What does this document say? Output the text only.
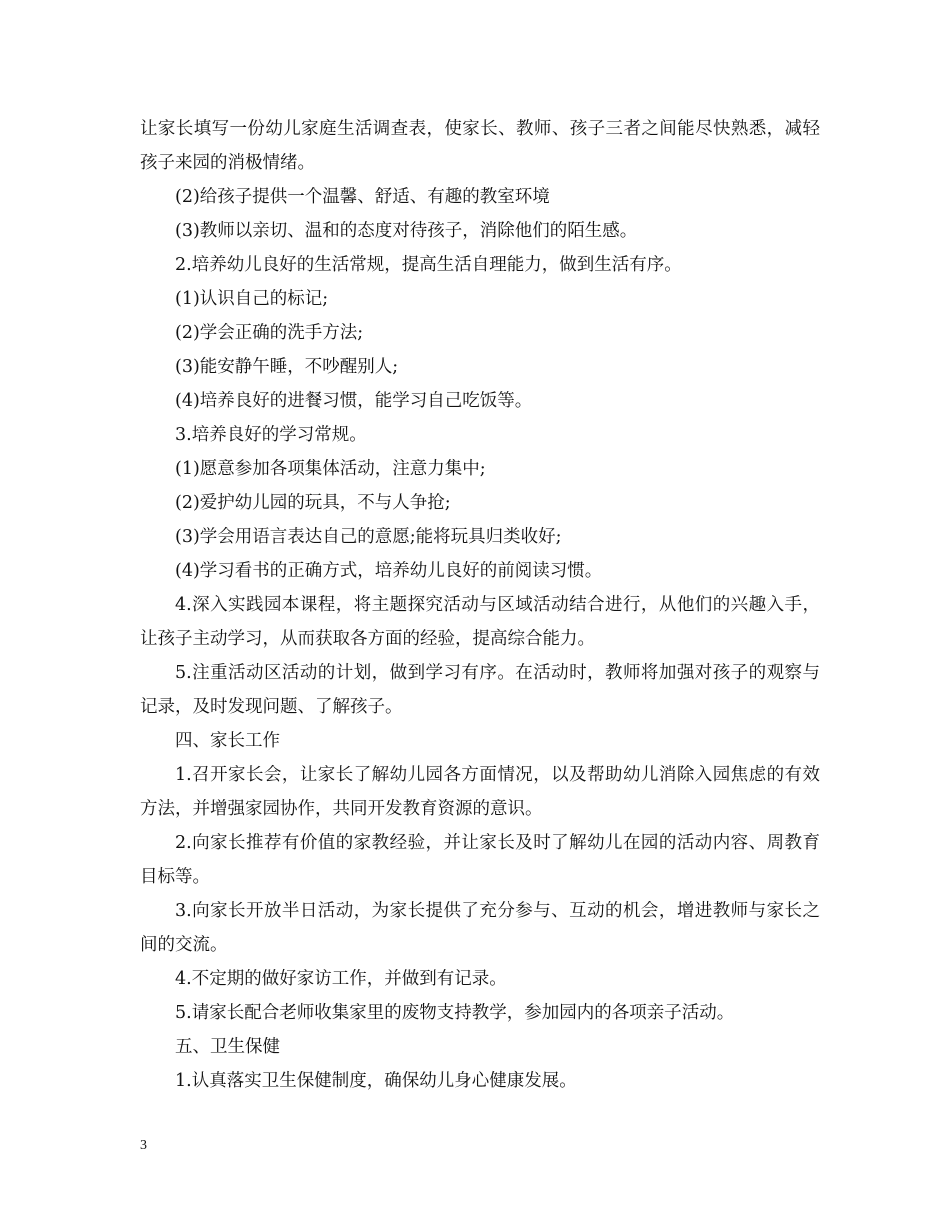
让家长填写一份幼儿家庭生活调查表，使家长、教师、孩子三者之间能尽快熟悉，减轻孩子来园的消极情绪。

(2)给孩子提供一个温馨、舒适、有趣的教室环境

(3)教师以亲切、温和的态度对待孩子，消除他们的陌生感。

2.培养幼儿良好的生活常规，提高生活自理能力，做到生活有序。

(1)认识自己的标记;

(2)学会正确的洗手方法;

(3)能安静午睡，不吵醒别人;

(4)培养良好的进餐习惯，能学习自己吃饭等。

3.培养良好的学习常规。

(1)愿意参加各项集体活动，注意力集中;

(2)爱护幼儿园的玩具，不与人争抢;

(3)学会用语言表达自己的意愿;能将玩具归类收好;

(4)学习看书的正确方式，培养幼儿良好的前阅读习惯。

4.深入实践园本课程，将主题探究活动与区域活动结合进行，从他们的兴趣入手，让孩子主动学习，从而获取各方面的经验，提高综合能力。

5.注重活动区活动的计划，做到学习有序。在活动时，教师将加强对孩子的观察与记录，及时发现问题、了解孩子。

四、家长工作

1.召开家长会，让家长了解幼儿园各方面情况，以及帮助幼儿消除入园焦虑的有效方法，并增强家园协作，共同开发教育资源的意识。

2.向家长推荐有价值的家教经验，并让家长及时了解幼儿在园的活动内容、周教育目标等。

3.向家长开放半日活动，为家长提供了充分参与、互动的机会，增进教师与家长之间的交流。

4.不定期的做好家访工作，并做到有记录。

5.请家长配合老师收集家里的废物支持教学，参加园内的各项亲子活动。

五、卫生保健

1.认真落实卫生保健制度，确保幼儿身心健康发展。

3
